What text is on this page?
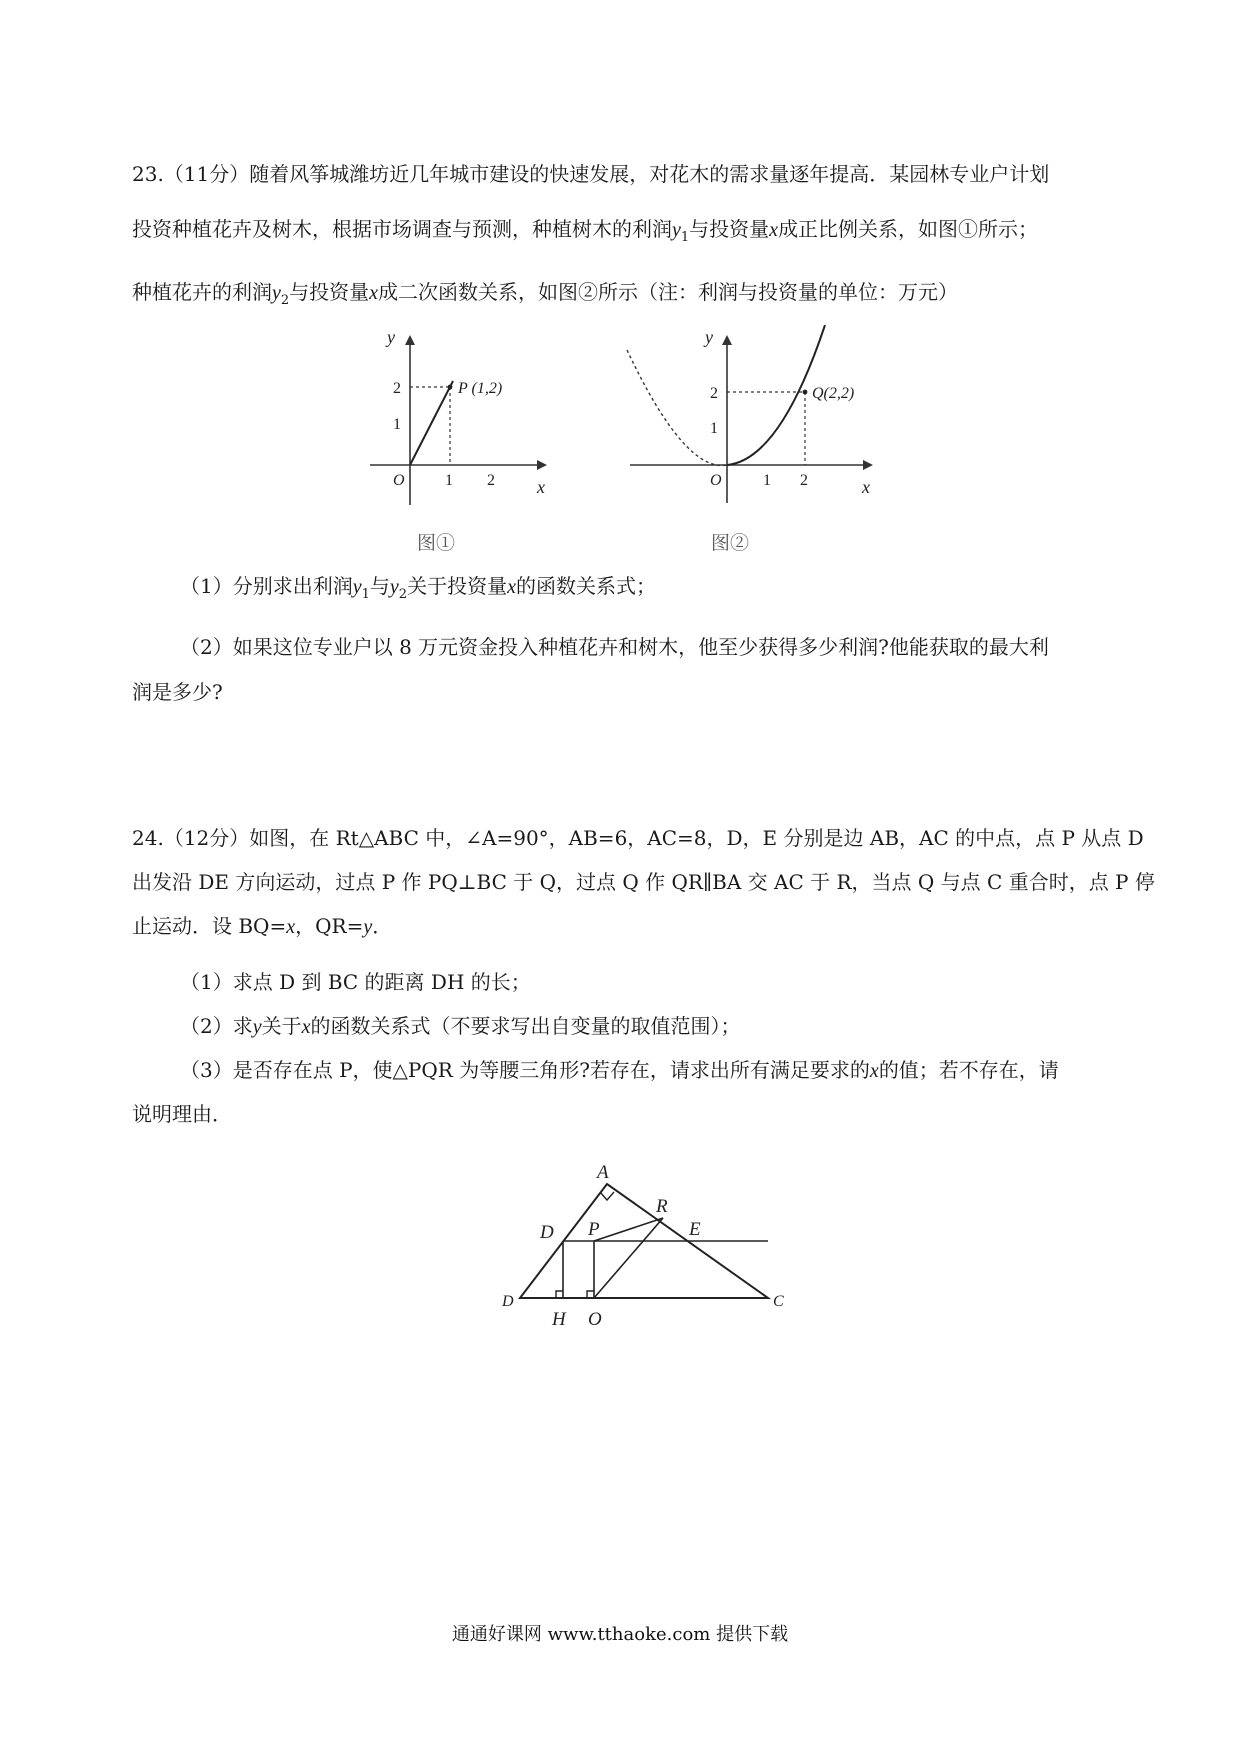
23.（11分）随着风筝城潍坊近几年城市建设的快速发展，对花木的需求量逐年提高．某园林专业户计划
投资种植花卉及树木，根据市场调查与预测，种植树木的利润$y_1$与投资量x成正比例关系，如图①所示；
种植花卉的利润$y_2$与投资量x成二次函数关系，如图②所示（注：利润与投资量的单位：万元）
y
2
1
O	1 2 x
P (1,2)
图①
y
2
1
O	1 2	x
Q(2,2)
图②
（1）分别求出利润$y_1$与$y_2$关于投资量x的函数关系式；
（2）如果这位专业户以 8 万元资金投入种植花卉和树木，他至少获得多少利润?他能获取的最大利
润是多少?
24.（12分）如图，在 Rt△ABC 中，∠A=90°，AB=6，AC=8，D，E 分别是边 AB，AC 的中点，点 P 从点 D
出发沿 DE 方向运动，过点 P 作 PQ⊥BC 于 Q，过点 Q 作 QR∥BA 交 AC 于 R，当点 Q 与点 C 重合时，点 P 停
止运动．设 BQ=x，QR=y．
（1）求点 D 到 BC 的距离 DH 的长；
（2）求y关于x的函数关系式（不要求写出自变量的取值范围）；
（3）是否存在点 P，使△PQR 为等腰三角形?若存在，请求出所有满足要求的x的值；若不存在，请
说明理由．
A
D	C
D P
R
E
H O
通通好课网 www.tthaoke.com 提供下载
